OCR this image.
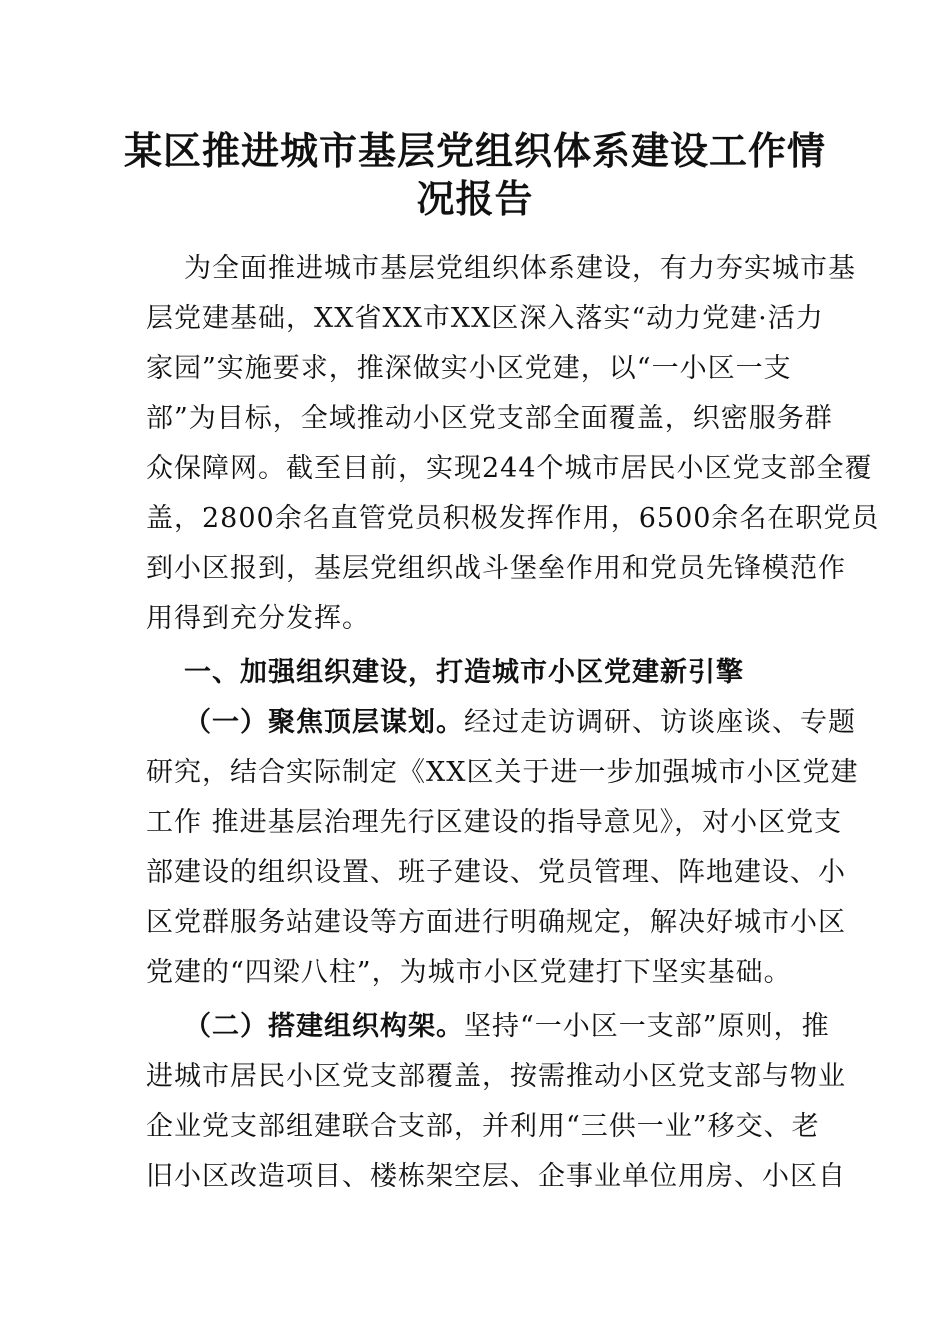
某区推进城市基层党组织体系建设工作情
况报告
为全面推进城市基层党组织体系建设，有力夯实城市基
层党建基础，XX省XX市XX区深入落实“动力党建·活力
家园”实施要求，推深做实小区党建，以“一小区一支
部”为目标，全域推动小区党支部全面覆盖，织密服务群
众保障网。截至目前，实现244个城市居民小区党支部全覆
盖，2800余名直管党员积极发挥作用，6500余名在职党员
到小区报到，基层党组织战斗堡垒作用和党员先锋模范作
用得到充分发挥。
一、加强组织建设，打造城市小区党建新引擎
（一）聚焦顶层谋划。经过走访调研、访谈座谈、专题
研究，结合实际制定《XX区关于进一步加强城市小区党建
工作 推进基层治理先行区建设的指导意见》，对小区党支
部建设的组织设置、班子建设、党员管理、阵地建设、小
区党群服务站建设等方面进行明确规定，解决好城市小区
党建的“四梁八柱”，为城市小区党建打下坚实基础。
（二）搭建组织构架。坚持“一小区一支部”原则，推
进城市居民小区党支部覆盖，按需推动小区党支部与物业
企业党支部组建联合支部，并利用“三供一业”移交、老
旧小区改造项目、楼栋架空层、企事业单位用房、小区自
